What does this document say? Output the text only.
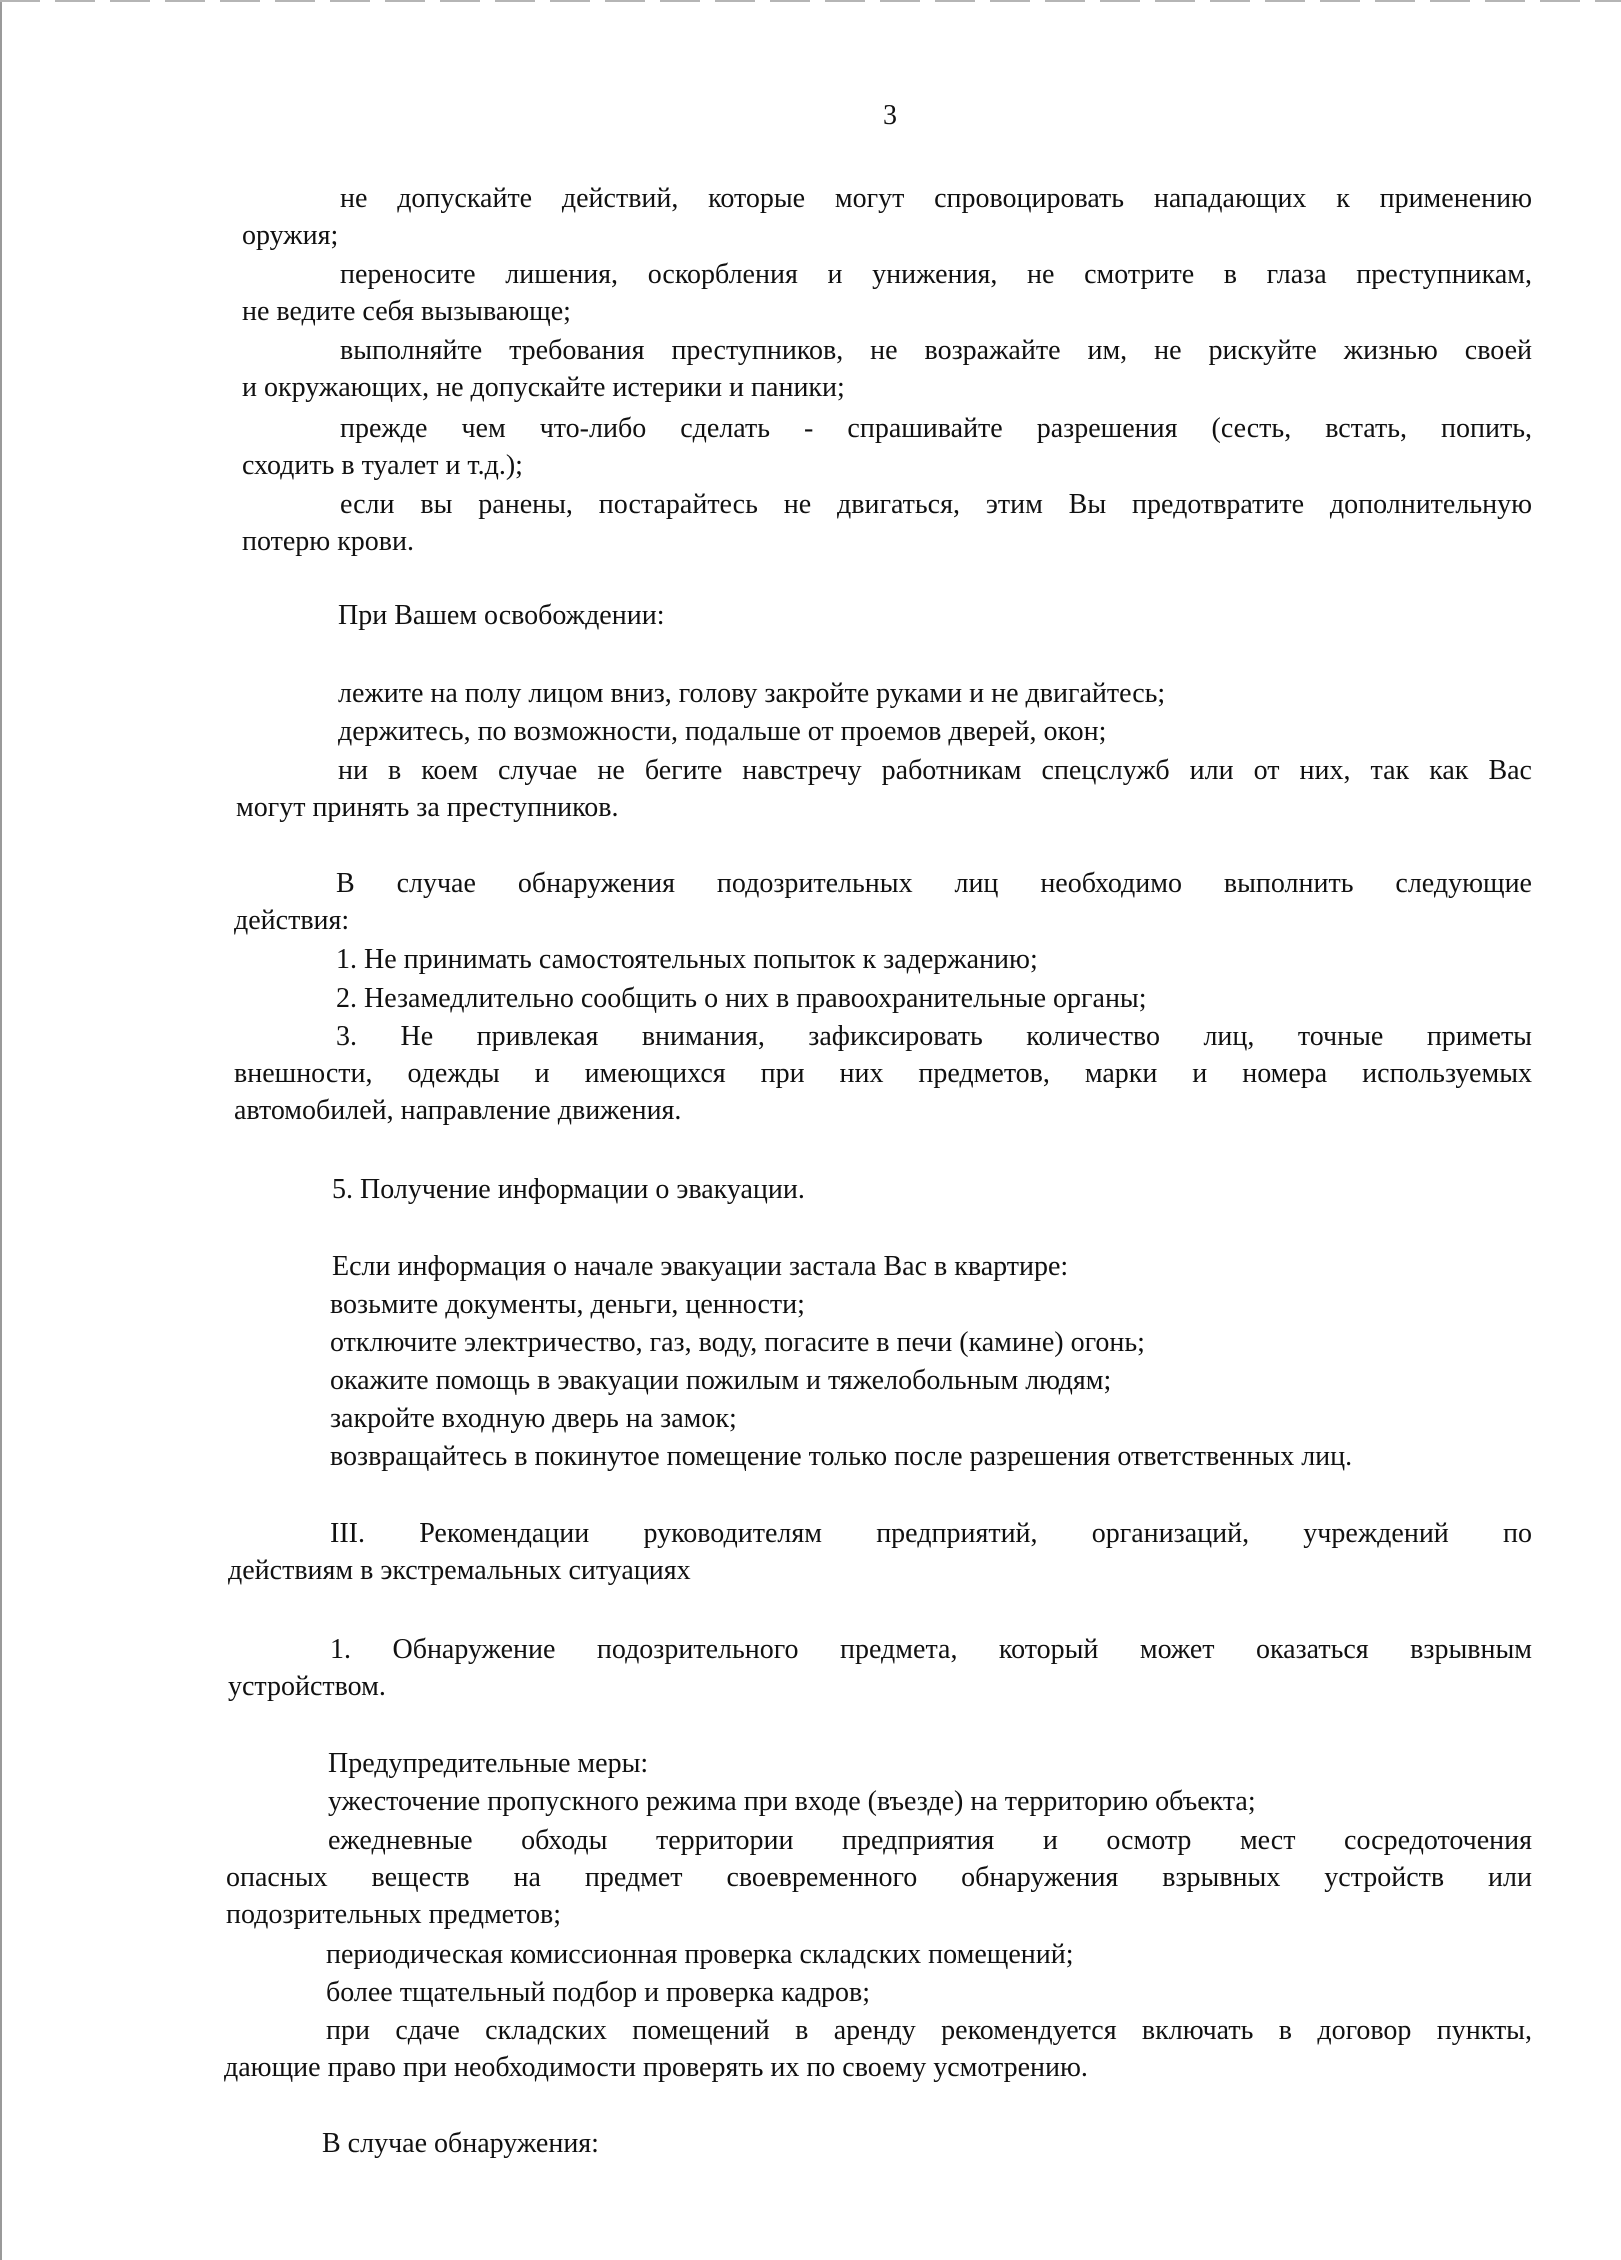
3

не допускайте действий, которые могут спровоцировать нападающих к применению

оружия;

переносите лишения, оскорбления и унижения, не смотрите в глаза преступникам,

не ведите себя вызывающе;

выполняйте требования преступников, не возражайте им, не рискуйте жизнью своей

и окружающих, не допускайте истерики и паники;

прежде чем что-либо сделать - спрашивайте разрешения (сесть, встать, попить,

сходить в туалет и т.д.);

если вы ранены, постарайтесь не двигаться, этим Вы предотвратите дополнительную

потерю крови.

При Вашем освобождении:

лежите на полу лицом вниз, голову закройте руками и не двигайтесь;

держитесь, по возможности, подальше от проемов дверей, окон;

ни в коем случае не бегите навстречу работникам спецслужб или от них, так как Вас

могут принять за преступников.

В случае обнаружения подозрительных лиц необходимо выполнить следующие

действия:

1. Не принимать самостоятельных попыток к задержанию;

2. Незамедлительно сообщить о них в правоохранительные органы;

3. Не привлекая внимания, зафиксировать количество лиц, точные приметы

внешности, одежды и имеющихся при них предметов, марки и номера используемых

автомобилей, направление движения.

5. Получение информации о эвакуации.

Если информация о начале эвакуации застала Вас в квартире:

возьмите документы, деньги, ценности;

отключите электричество, газ, воду, погасите в печи (камине) огонь;

окажите помощь в эвакуации пожилым и тяжелобольным людям;

закройте входную дверь на замок;

возвращайтесь в покинутое помещение только после разрешения ответственных лиц.

III. Рекомендации руководителям предприятий, организаций, учреждений по

действиям в экстремальных ситуациях

1. Обнаружение подозрительного предмета, который может оказаться взрывным

устройством.

Предупредительные меры:

ужесточение пропускного режима при входе (въезде) на территорию объекта;

ежедневные обходы территории предприятия и осмотр мест сосредоточения

опасных веществ на предмет своевременного обнаружения взрывных устройств или

подозрительных предметов;

периодическая комиссионная проверка складских помещений;

более тщательный подбор и проверка кадров;

при сдаче складских помещений в аренду рекомендуется включать в договор пункты,

дающие право при необходимости проверять их по своему усмотрению.

В случае обнаружения:
